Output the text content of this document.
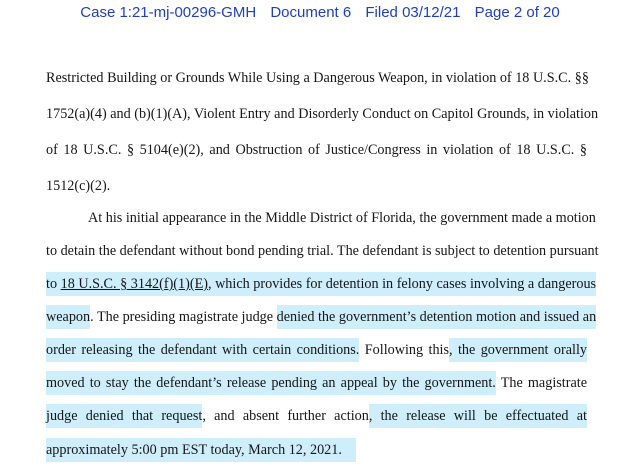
Case 1:21-mj-00296-GMH Document 6 Filed 03/12/21 Page 2 of 20
Restricted Building or Grounds While Using a Dangerous Weapon, in violation of 18 U.S.C. §§
1752(a)(4) and (b)(1)(A), Violent Entry and Disorderly Conduct on Capitol Grounds, in violation
of 18 U.S.C. § 5104(e)(2), and Obstruction of Justice/Congress in violation of 18 U.S.C. §
1512(c)(2).
At his initial appearance in the Middle District of Florida, the government made a motion
to detain the defendant without bond pending trial. The defendant is subject to detention pursuant
to 18 U.S.C. § 3142(f)(1)(E), which provides for detention in felony cases involving a dangerous
weapon. The presiding magistrate judge denied the government’s detention motion and issued an
order releasing the defendant with certain conditions. Following this, the government orally
moved to stay the defendant’s release pending an appeal by the government. The magistrate
judge denied that request, and absent further action, the release will be effectuated at
approximately 5:00 pm EST today, March 12, 2021.
